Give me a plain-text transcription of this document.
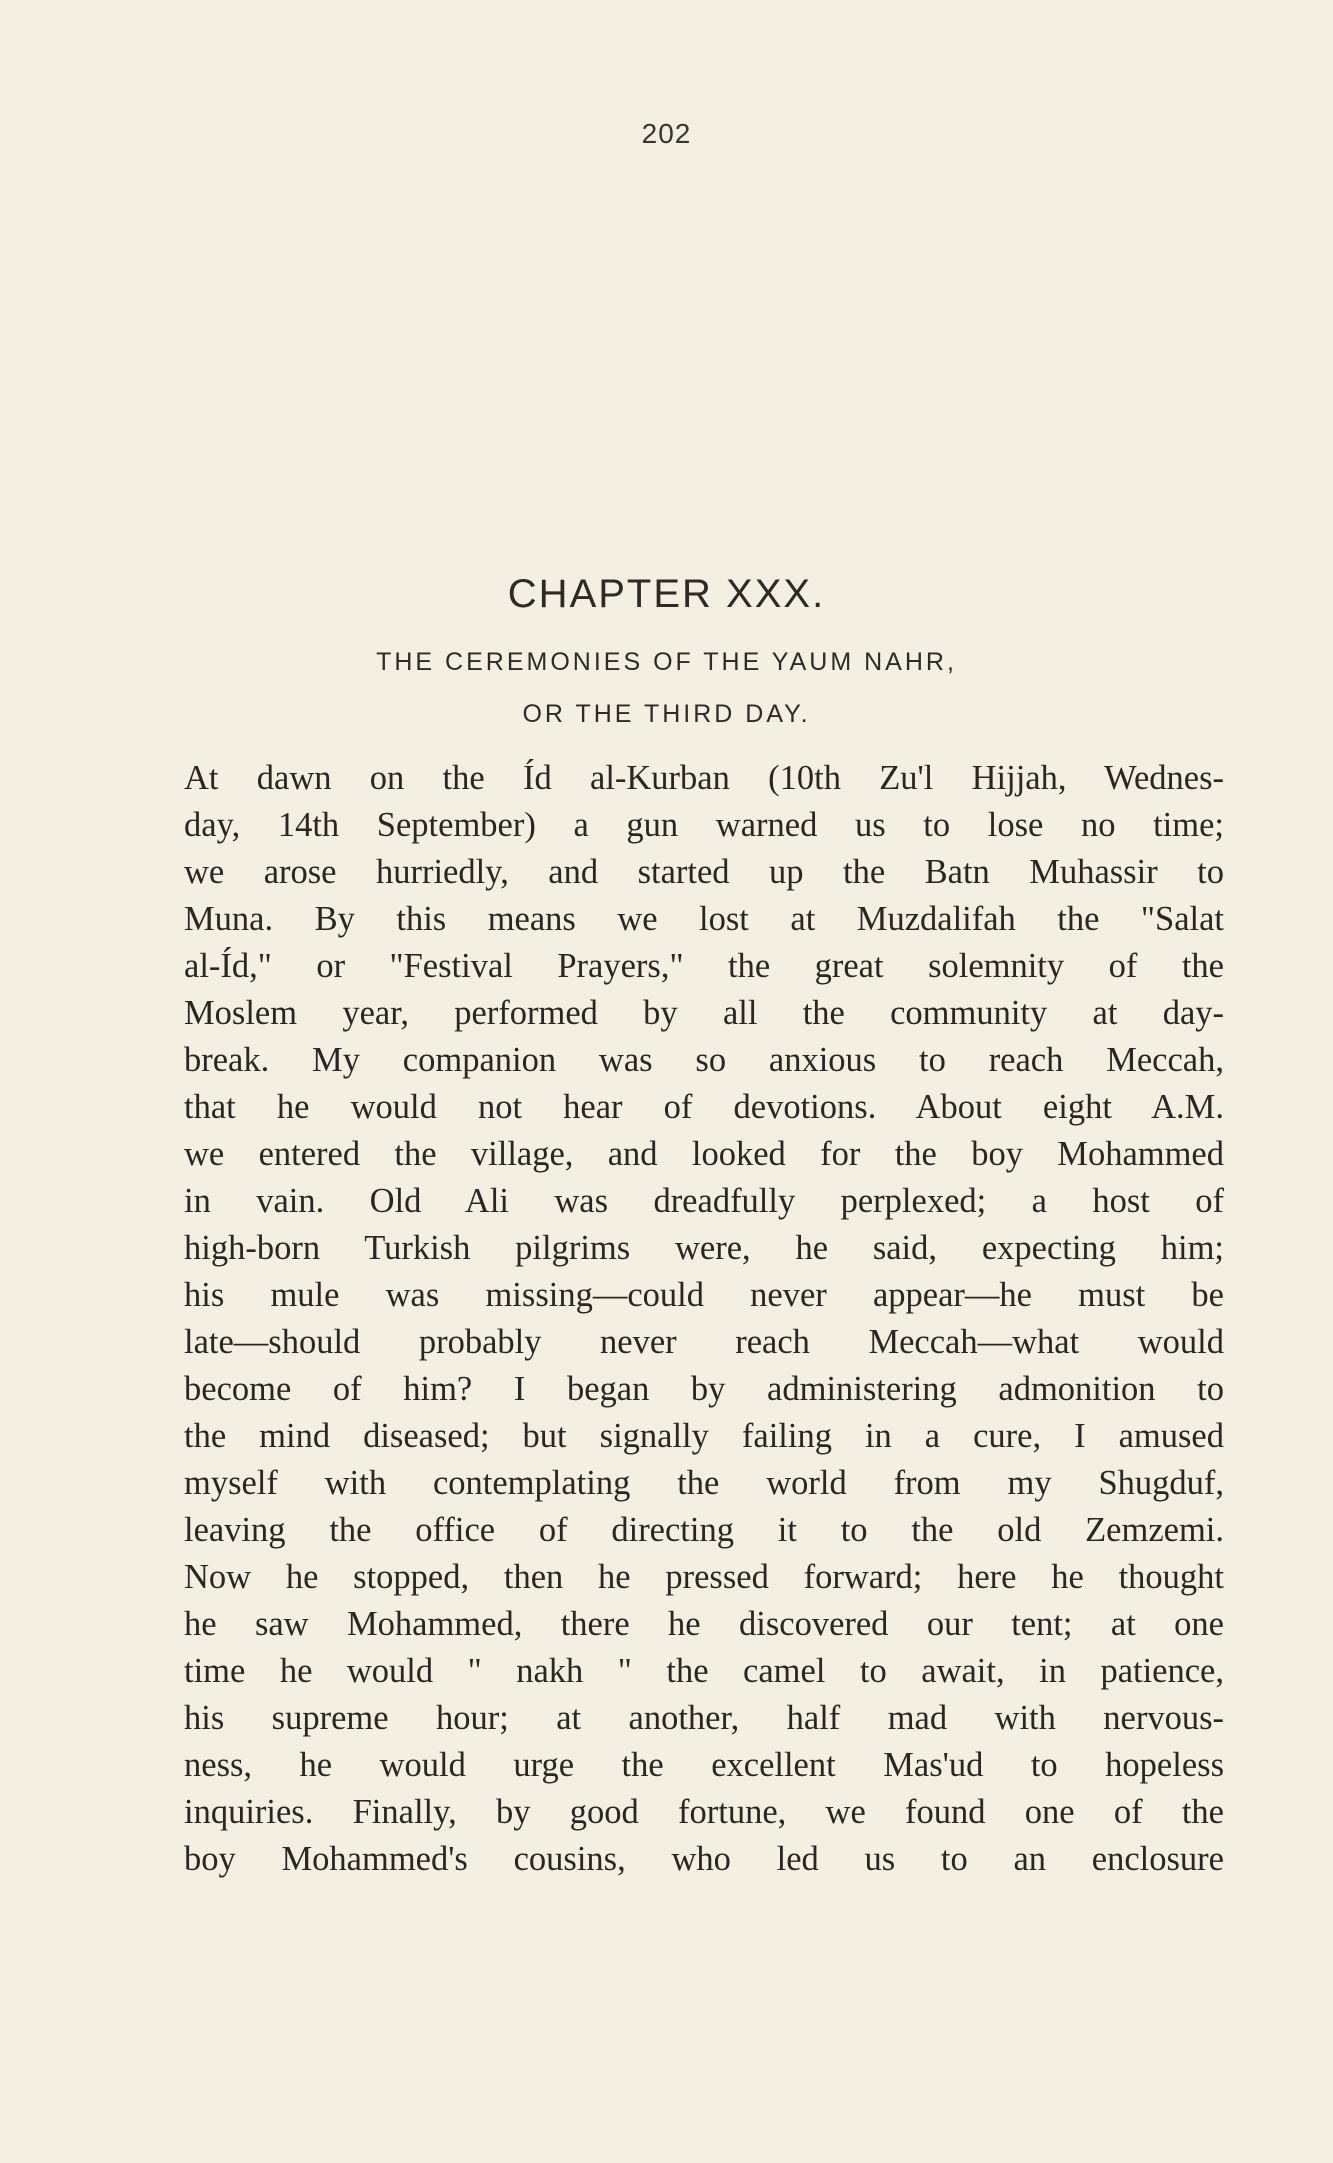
202
CHAPTER XXX.
THE CEREMONIES OF THE YAUM NAHR,
OR THE THIRD DAY.
At dawn on the Íd al-Kurban (10th Zu'l Hijjah, Wednes-
day, 14th September) a gun warned us to lose no time;
we arose hurriedly, and started up the Batn Muhassir to
Muna. By this means we lost at Muzdalifah the "Salat
al-Íd," or "Festival Prayers," the great solemnity of the
Moslem year, performed by all the community at day-
break. My companion was so anxious to reach Meccah,
that he would not hear of devotions. About eight A.M.
we entered the village, and looked for the boy Mohammed
in vain. Old Ali was dreadfully perplexed; a host of
high-born Turkish pilgrims were, he said, expecting him;
his mule was missing—could never appear—he must be
late—should probably never reach Meccah—what would
become of him? I began by administering admonition to
the mind diseased; but signally failing in a cure, I amused
myself with contemplating the world from my Shugduf,
leaving the office of directing it to the old Zemzemi.
Now he stopped, then he pressed forward; here he thought
he saw Mohammed, there he discovered our tent; at one
time he would " nakh " the camel to await, in patience,
his supreme hour; at another, half mad with nervous-
ness, he would urge the excellent Mas'ud to hopeless
inquiries. Finally, by good fortune, we found one of the
boy Mohammed's cousins, who led us to an enclosure
